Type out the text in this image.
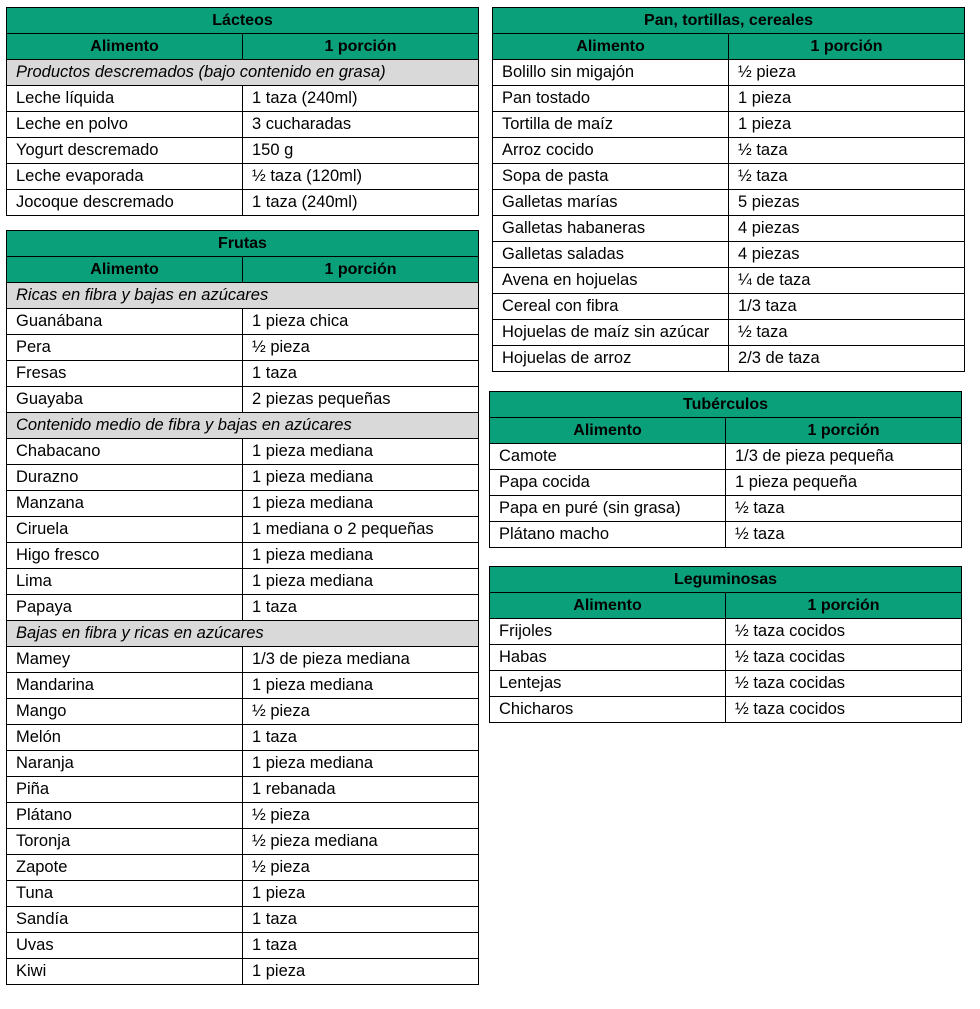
Lácteos	
Alimento	1 porción
Productos descremados (bajo contenido en grasa)	
Leche líquida	1 taza (240ml)
Leche en polvo	3 cucharadas
Yogurt descremado	150 g
Leche evaporada	½ taza (120ml)
Jocoque descremado	1 taza (240ml)
Frutas	
Alimento	1 porción
Ricas en fibra y bajas en azúcares	
Guanábana	1 pieza chica
Pera	½ pieza
Fresas	1 taza
Guayaba	2 piezas pequeñas
Contenido medio de fibra y bajas en azúcares	
Chabacano	1 pieza mediana
Durazno	1 pieza mediana
Manzana	1 pieza mediana
Ciruela	1 mediana o 2 pequeñas
Higo fresco	1 pieza mediana
Lima	1 pieza mediana
Papaya	1 taza
Bajas en fibra y ricas en azúcares	
Mamey	1/3 de pieza mediana
Mandarina	1 pieza mediana
Mango	½ pieza
Melón	1 taza
Naranja	1 pieza mediana
Piña	1 rebanada
Plátano	½ pieza
Toronja	½ pieza mediana
Zapote	½ pieza
Tuna	1 pieza
Sandía	1 taza
Uvas	1 taza
Kiwi	1 pieza
Pan, tortillas, cereales	
Alimento	1 porción
Bolillo sin migajón	½ pieza
Pan tostado	1 pieza
Tortilla de maíz	1 pieza
Arroz cocido	½ taza
Sopa de pasta	½ taza
Galletas marías	5 piezas
Galletas habaneras	4 piezas
Galletas saladas	4 piezas
Avena en hojuelas	¼ de taza
Cereal con fibra	1/3 taza
Hojuelas de maíz sin azúcar	½ taza
Hojuelas de arroz	2/3 de taza
Tubérculos	
Alimento	1 porción
Camote	1/3 de pieza pequeña
Papa cocida	1 pieza pequeña
Papa en puré (sin grasa)	½ taza
Plátano macho	½ taza
Leguminosas	
Alimento	1 porción
Frijoles	½ taza cocidos
Habas	½ taza cocidas
Lentejas	½ taza cocidas
Chicharos	½ taza cocidos
